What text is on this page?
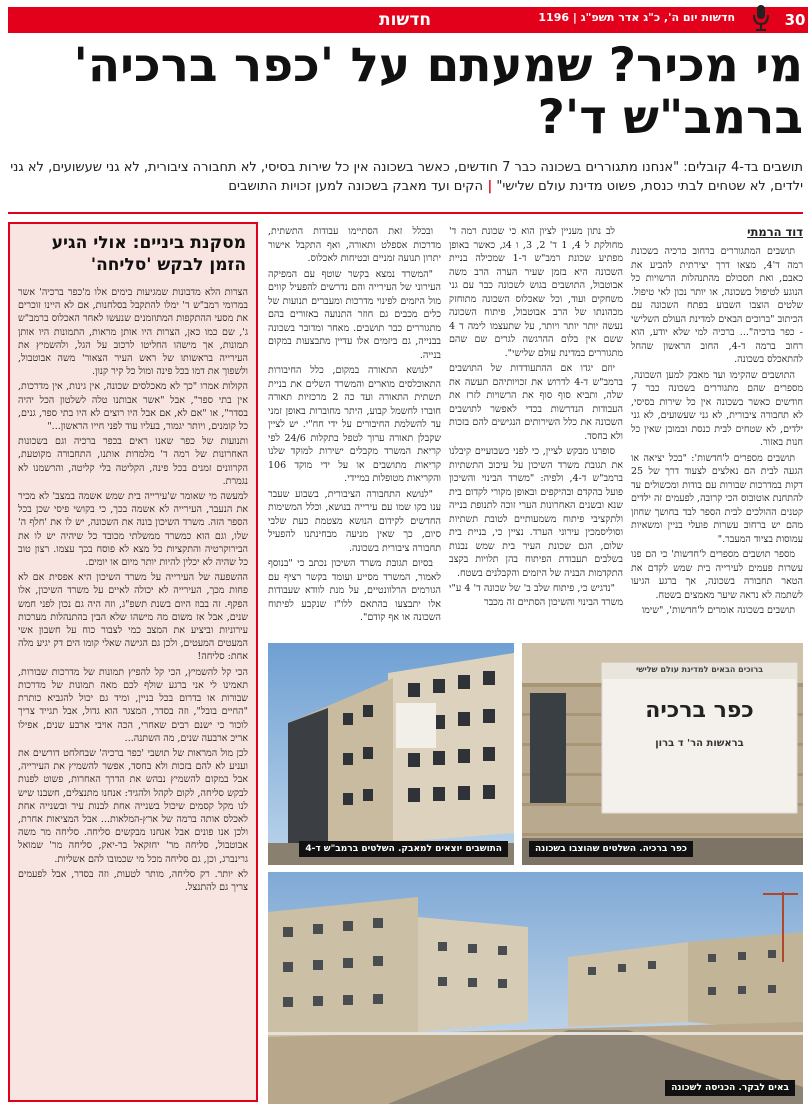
חדשות	חדשות יום ה', כ"ג אדר תשפ"ג | 1196	30
מי מכיר? שמעתם על 'כפר ברכיה'
ברמב"ש ד'?
תושבים בד-4 קובלים: "אנחנו מתגוררים בשכונה כבר 7 חודשים, כאשר בשכונה אין כל שירות בסיסי, לא תחבורה ציבורית, לא גני שעשועים, לא גני ילדים, לא שטחים לבתי כנסת, פשוט מדינת עולם שלישי" | הקים ועד מאבק בשכונה למען זכויות התושבים
דוד הרמתי

תושבים המתגוררים ברחוב ברכיה בשכונת רמה ד'4, מצאו דרך יצירתית להביע את כאבם, ואת תסכולם מהתנהלות הרשויות כל הנוגע לטיפול בשכונה, או יותר נכון לאי טיפול. שלטים הוצבו השבוע בפתח השכונה עם הכיתוב "ברוכים הבאים למדינת העולם השלישי - כפר ברכיה"... ברכיה למי שלא יודע, הוא רחוב ברמה ד-4, החוב הראשון שהחל להתאכלס בשכונה.

התושבים שהקימו ועד מאבק למען השכונה, מספרים שהם מתגוררים בשכונה כבר 7 חודשים כאשר בשכונה אין כל שירות בסיסי, לא תחבורה ציבורית, לא גני שעשועים, לא גני ילדים, לא שטחים לבית כנסת ובמובן שאין כל חנות באזור.

תושבים מספרים ל'חדשות': "בכל יציאה או הגעה לבית הם נאלצים לצעוד דרך של 25 דקות במדרכות שבורות עם בודות ומכשולים עד להתחנת אוטובוס הכי קרובה, לפעמים זה ילדים קטנים ההולכים לבית הספר לבד בחושך שחוזן מהם יש ברחוב עשרות פועלי בניין ומשאיות עמוסות בציוד המעבר."

מספר תושבים מספרים ל'חדשות' כי הם פנו עשרות פעמים לעירייה בית שמש לקדם את הטאר תחבורה בשכונה, אך ברגע הגיעו לשתמה לא נראה שיער מאמצים בשטח.

תושבים בשכונה אומרים ל'חדשות', "שימו

לב נתון מעניין לציון הוא כי שכונת רמה ד' מחולקת ל 4, 1 ד' 2, 3, ו 4ג, כאשר באופן מפתיע שכונת רמב"ש ד-1 שמכילה בניית השכונה היא בזמן שעיר הערה הרב משה אבוטבול, התושבים בגוש לשכונה כבר עם גני משחקים ועוד, וכל שאכלוס השכונה מתוחזק מכהונתו של הרב אבוטבול, פיתוח השכונה נעשה יותר יותר ויותר, על שתעצמו לימה ד 4 ששם אין בלום ההרגשה לגרים שם שהם מתגוררים במדינת עולם שלישי".

יוזם יגדו אם ההתעודדות של התושבים ברמב"ש ד-4 לדרוש את זכויותיהם תעשה את שלה, ותביא סוף סוף את הרשויות לזרז את העבודות הנדרשות בכדי לאפשר לתושבים השכונה את כלל השירותים הנגישים להם בזכות ולא בחסד.

סופרנו מבקש לציין, כי לפני כשבועיים קיבלנו את תגובת משרד השיכון על עיכוב התשתיות ברמב"ש ד-4, ולפיה: "משרד הבינוי והשיכון פועל בהקדם ובהיקפים ובאופן מקורי לקדום בית שנא ובשנים האחרונות הערי זוכה לתנופת בנייה ולתקציבי פיתוח משמעותיים לטובת תשתיות וסוליסמכין עירוני הערד. נציין כי, בניית בית שלום, הגם שכונת העיר בית שמש נבנות בשלבים תעבודת הפיתוח בהן תלויות בקצב התקדמות הבניה של היזמים והקבלנים בשטח.

"נדגיש כי, פיתוח שלב ב' של שכונה ד' 4 ע"י משרד הבינוי והשיכון הסתיים זה מכבר

ובכלל זאת הסתיימו עבודות התשתית, מדרכות אספלט ותאורה, ואף התקבל אישור יתרון תנועה זמניים ובטיחות לאכלוס.

"המשרד נמצא בקשר שוטף עם המפיקה העירוני של העירייה והם נדרשים להפעיל קווים מול היזמים לפינוי מדרכות ומעברים תנועות של כלים מכבים גם חוזר התנועה באזורים בהם מתגוררים כבר תושבים. מאחר ומדובר בשכונה בבנייה, גם ביזמים אלו עדיין מתבצעות במקום בנייה.

"לנושא התאורה במקום, כלל החיבורות התאוכלסים מוארים והמשרד השלים את בניית תשתית התאורה ועד כה 2 מרכזיות תאורה חוברו לחשמל קבוע, היתר מחוברות באופן זמני עד להשלמת החיבורים על ידי חח"י. יש לציין שקבלן תאורה ערוך לטפל בתקלות 24/6 לפי קריאת המשרד מקבלים ישירות למוקד שלנו קריאות מתושבים או על ידי מוקד 106 והקריאות מטופלות במיידי.

"לנושא התחבורה הציבורית, בשבוע שעבר ענו בקו שמו עם עירייה בנושא, וכלל המשימות החדשים לקידום הנושא מצטמת כעת שלבי סיום, כך שאין מניעה מבחינתנו להפעיל תחבורה ציבורית בשכונה.

בסיום תגובת משרד השיכון נכתב כי "בנוסף לאמור, המשרד מסייע ועומד בקשר רציף עם הגורמים הרלוונטיים, על מנת לוודא שעבודות אלו יתבצעו בהתאם ללו"ז שנקבע לפיתוח השכונה או אף קודם".

מסקנת ביניים: אולי הגיע הזמן לבקש 'סליחה'

הצרות הלא מדבונות שמגיעות בימים אלו מ'כפר ברכיה' אשר במרומי רמב"ש ד' ימלו להתקבל בסלחנות, אם לא היינו זוכרים את מסעי ההתקפות המתוזמנים שנעשו לאחר האכלוס ברמב"ש ג', שם כמו כאן, הצרות היו אותן מראות, התמונות היו אותן תמונות, אך מישהו החליטו לרכוב על הגל, ולהשמיץ את העירייה בראשותו של ראש העיר הצאור' משה אבוטבול, ולשפוך את דמו בכל פינה ומול כל קיר קנון.

הקולות אמרו "כך לא מאכלסים שכונה, אין גינות, אין מדרכות, אין בתי ספר", אבל "אשר אבותנו טלה לשלטון הכל יהיה בסדר", או "אם לא, אם אבל היו רוצים לא היו בתי ספר, גנים, כל קומנים, ויותר יגמור, בעליו עוד לפני חייו הראשון..."

ותנועות של כפר שאנו ראים בכפר ברכיה וגם בשכונות האחרונות של רמה ד' מלמדות אותנו, התחבורה מקוטעת, הקרוונים זמנים בכל פינה, הקליטה בלי קליטה, והרשמנו לא נגמרת.

למעשה מי שאומר ש'עירייה בית שמש אשמה במצב' לא מכיר את הנעבר, העירייה לא אשמה בכך, כי בקושי פיסי שכן בכל הספר הזה. משרד השיכון בונה את השכונה, יש לו את 'חלף ה' שלו, וגם הוא כמשרד ממשלתי מכובד כל שיהיה יש לו את הבירוקרטיה והתקציות כל מצא לא פוסח בכך עצמו. רצון טוב כל שהיה לא יכלין להיות יותר מיום או יומים.

ההשפעה של העירייה על משרד השיכון היא אפסית אם לא פחות מכך, העירייה לא יכולה לאיים על משרד השיכון, אלו הפקף. זה בבוז היום בשנת תשפ"ג, וזה היה גם נכון לפני חמש שנים, אבל אז משום מה מישהו שלא הבין בהתנהלות מערכות עירוניות וביציע את המצב כמי לצבור כוח על חשבון אשי המעטים המעטים, ולכן גם הגישה שאלי קומו הים דק יגיע מלה אחת: סליחה!

הכי קל להשמיץ, הכי קל להפיץ תמונות של מדרכות שבורות, תאמינו לי אני ברגע שולף לכם מאה תמונות של מדרכות שבורות או בדרום בכל בניין, ומיד גם יכול להגביא כותרת "החיים בובל", וזה בסדר, המצגר הוא גדול, אבל תגייד צריך לוכור כי ישנם רבים שאחרי, הכה אויבי ארבע שנים, אפילו אריכ ארבעה שנים, מה השתנה...

לכן מול המראות של תושבי 'כפר ברכיה' שבחלחט דורשים את ועניע לא להם בזכות ולא בחסד, אפשר להשמיץ את העירייה, אבל במקום להשמיץ נבהש את הדרך האחרות, פשוט לפנות לבקש סליחה, לקום לקהל ולהגיד: אנחנו מתנצלים, חשבנו שיש לנו מקל קסמים שיכול בשנייה אחת לבנות עיר ובשנייה אחת לאכלס אותה ברמה של ארץ-המלאות... אבל המציאות אחרת, ולכן אנו פונים אבל אנחנו מבקשים סליחה. סליחה מר משה אבוטבול, סליחה מר' יחזקאל בר-יאק, סליחה מר' שמואל גרינברג, וכן, גם סליחה מכל מי שכמובו להם אשליות.

לא יותר. רק סליחה, מותר לטעות, וזה בסדר, אבל לפעמים צריך גם להתנצל.

ברוכים הבאים למדינת עולם שלישי
כפר ברכיה
בראשות הר' ד ברון
כפר ברכיה. השלטים שהוצבו בשכונה
התושבים יוצאים למאבק. השלטים ברמב"ש ד-4
באים לבקר. הכניסה לשכונה
